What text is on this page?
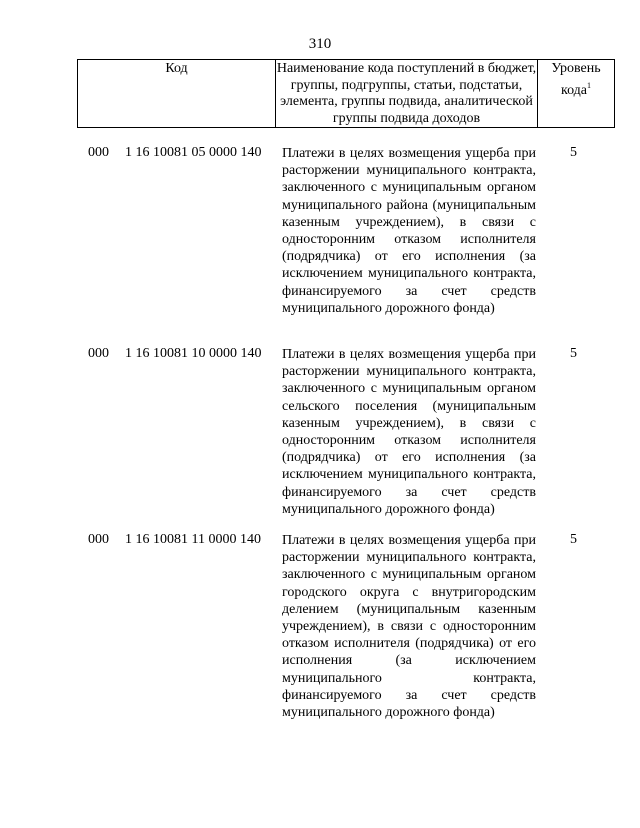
310
Код	Наименование кода поступлений в бюджет, группы, подгруппы, статьи, подстатьи, элемента, группы подвида, аналитической группы подвида доходов
Уровень кода$^1$
000 1 16 10081 05 0000 140 Платежи в целях возмещения ущерба при расторжении муниципального контракта, заключенного с муниципальным органом муниципального района (муниципальным казенным учреждением), в связи с односторонним отказом исполнителя (подрядчика) от его исполнения (за исключением муниципального контракта, финансируемого за счет средств муниципального дорожного фонда)

5
000 1 16 10081 10 0000 140 Платежи в целях возмещения ущерба при расторжении муниципального контракта, заключенного с муниципальным органом сельского поселения (муниципальным казенным учреждением), в связи с односторонним отказом исполнителя (подрядчика) от его исполнения (за исключением муниципального контракта, финансируемого за счет средств муниципального дорожного фонда)

5
000 1 16 10081 11 0000 140 Платежи в целях возмещения ущерба при расторжении муниципального контракта, заключенного с муниципальным органом городского округа с внутригородским делением (муниципальным казенным учреждением), в связи с односторонним отказом исполнителя (подрядчика) от его исполнения (за исключением муниципального контракта, финансируемого за счет средств муниципального дорожного фонда)

5
